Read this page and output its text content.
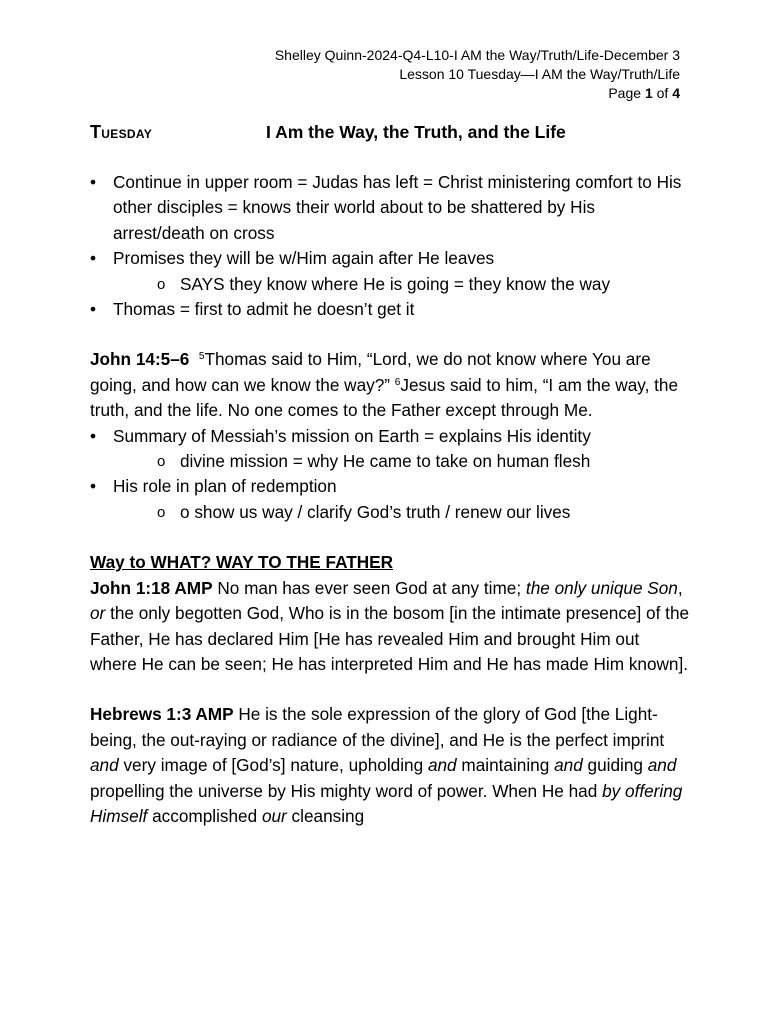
Shelley Quinn-2024-Q4-L10-I AM the Way/Truth/Life-December 3
Lesson 10 Tuesday—I AM the Way/Truth/Life
Page 1 of 4
Tuesday	I Am the Way, the Truth, and the Life
• Continue in upper room = Judas has left = Christ ministering comfort to His other disciples = knows their world about to be shattered by His arrest/death on cross
• Promises they will be w/Him again after He leaves
o SAYS they know where He is going = they know the way
• Thomas = first to admit he doesn’t get it

John 14:5–6 $^5$Thomas said to Him, “Lord, we do not know where You are going, and how can we know the way?” $^6$Jesus said to him, “I am the way, the truth, and the life. No one comes to the Father except through Me.

• Summary of Messiah’s mission on Earth = explains His identity
o divine mission = why He came to take on human flesh
• His role in plan of redemption
o o show us way / clarify God’s truth / renew our lives

Way to WHAT? WAY TO THE FATHER

John 1:18 AMP No man has ever seen God at any time; the only unique Son, or the only begotten God, Who is in the bosom [in the intimate presence] of the Father, He has declared Him [He has revealed Him and brought Him out where He can be seen; He has interpreted Him and He has made Him known].

Hebrews 1:3 AMP He is the sole expression of the glory of God [the Light-being, the out-raying or radiance of the divine], and He is the perfect imprint and very image of [God’s] nature, upholding and maintaining and guiding and propelling the universe by His mighty word of power. When He had by offering Himself accomplished our cleansing
